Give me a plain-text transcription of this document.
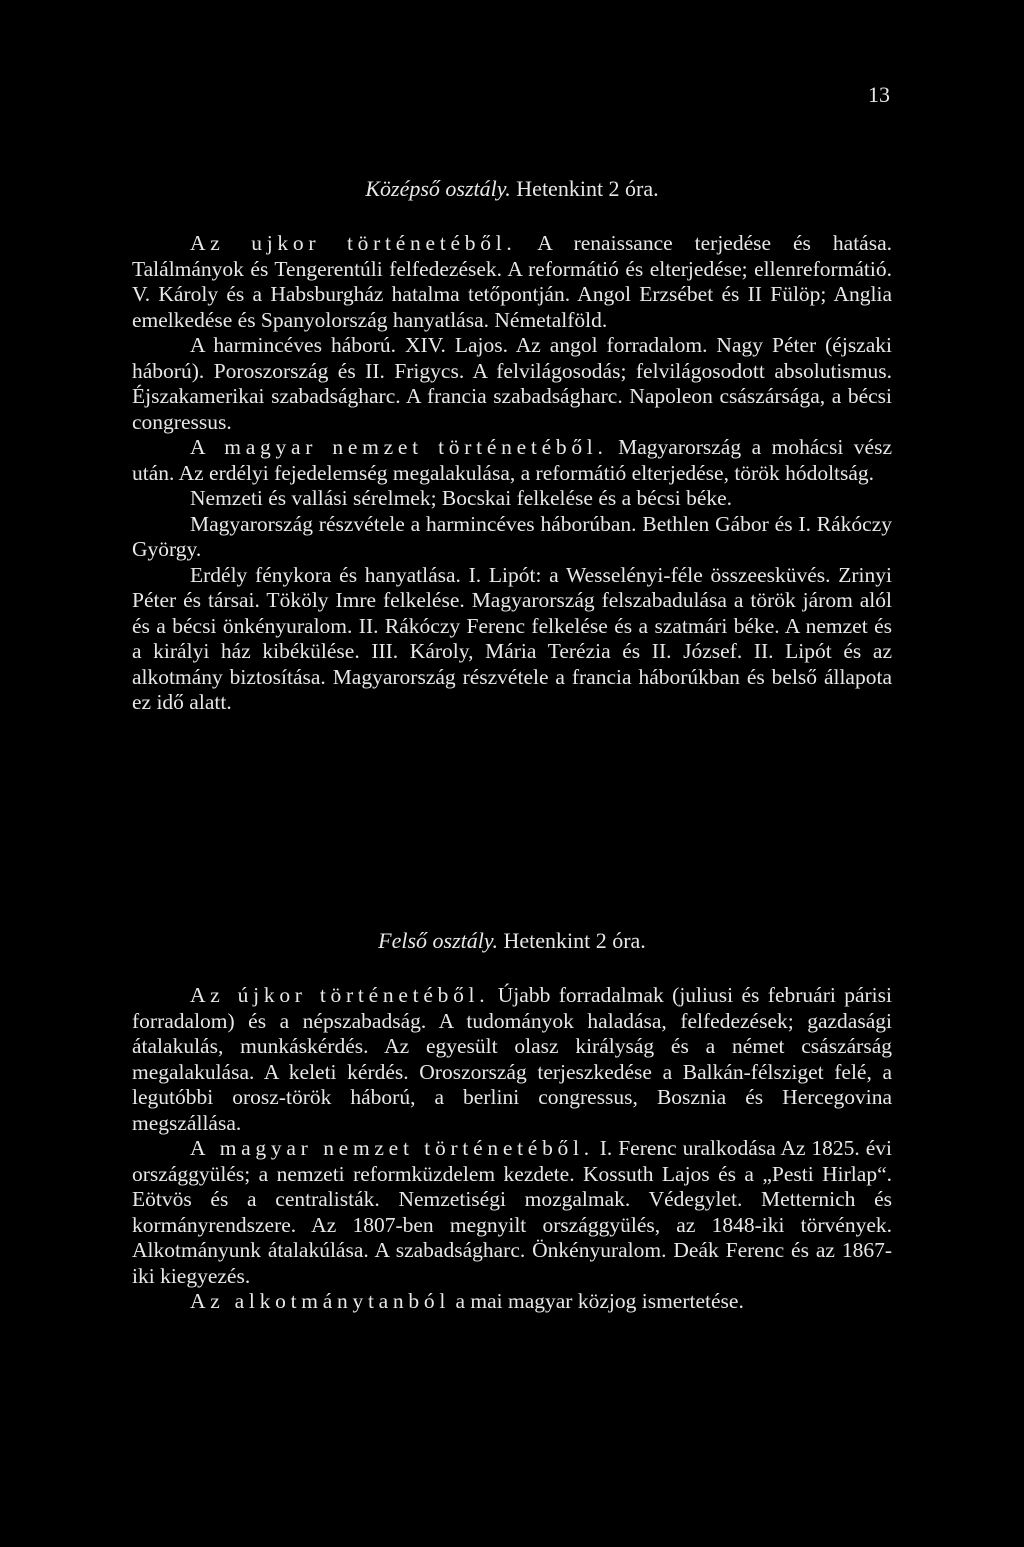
13
Középső osztály. Hetenkint 2 óra.

Az ujkor történetéből. A renaissance terjedése és hatása. Találmányok és Tengerentúli felfedezések. A reformátió és elterjedése; ellenreformátió. V. Károly és a Habsburgház hatalma tetőpontján. Angol Erzsébet és II Fülöp; Anglia emelkedése és Spanyolország hanyatlása. Németalföld.

A harmincéves háború. XIV. Lajos. Az angol forradalom. Nagy Péter (éjszaki háború). Poroszország és II. Frigycs. A felvilágosodás; felvilágosodott absolutismus. Éjszakamerikai szabadságharc. A francia szabadságharc. Napoleon császársága, a bécsi congressus.

A magyar nemzet történetéből. Magyarország a mohácsi vész után. Az erdélyi fejedelemség megalakulása, a reformátió elterjedése, török hódoltság.

Nemzeti és vallási sérelmek; Bocskai felkelése és a bécsi béke.

Magyarország részvétele a harmincéves háborúban. Bethlen Gábor és I. Rákóczy György.

Erdély fénykora és hanyatlása. I. Lipót: a Wesselényi-féle összeesküvés. Zrinyi Péter és társai. Tököly Imre felkelése. Magyarország felszabadulása a török járom alól és a bécsi önkényuralom. II. Rákóczy Ferenc felkelése és a szatmári béke. A nemzet és a királyi ház kibékülése. III. Károly, Mária Terézia és II. József. II. Lipót és az alkotmány biztosítása. Magyarország részvétele a francia háborúkban és belső állapota ez idő alatt.

Felső osztály. Hetenkint 2 óra.

Az újkor történetéből. Újabb forradalmak (juliusi és februári párisi forradalom) és a népszabadság. A tudományok haladása, felfedezések; gazdasági átalakulás, munkáskérdés. Az egyesült olasz királyság és a német császárság megalakulása. A keleti kérdés. Oroszország terjeszkedése a Balkán-félsziget felé, a legutóbbi orosz-török háború, a berlini congressus, Bosznia és Hercegovina megszállása.

A magyar nemzet történetéből. I. Ferenc uralkodása Az 1825. évi országgyülés; a nemzeti reformküzdelem kezdete. Kossuth Lajos és a „Pesti Hirlap“. Eötvös és a centralisták. Nemzetiségi mozgalmak. Védegylet. Metternich és kormányrendszere. Az 1807-ben megnyilt országgyülés, az 1848-iki törvények. Alkotmányunk átalakúlása. A szabadságharc. Önkényuralom. Deák Ferenc és az 1867-iki kiegyezés.

Az alkotmánytanból a mai magyar közjog ismertetése.
